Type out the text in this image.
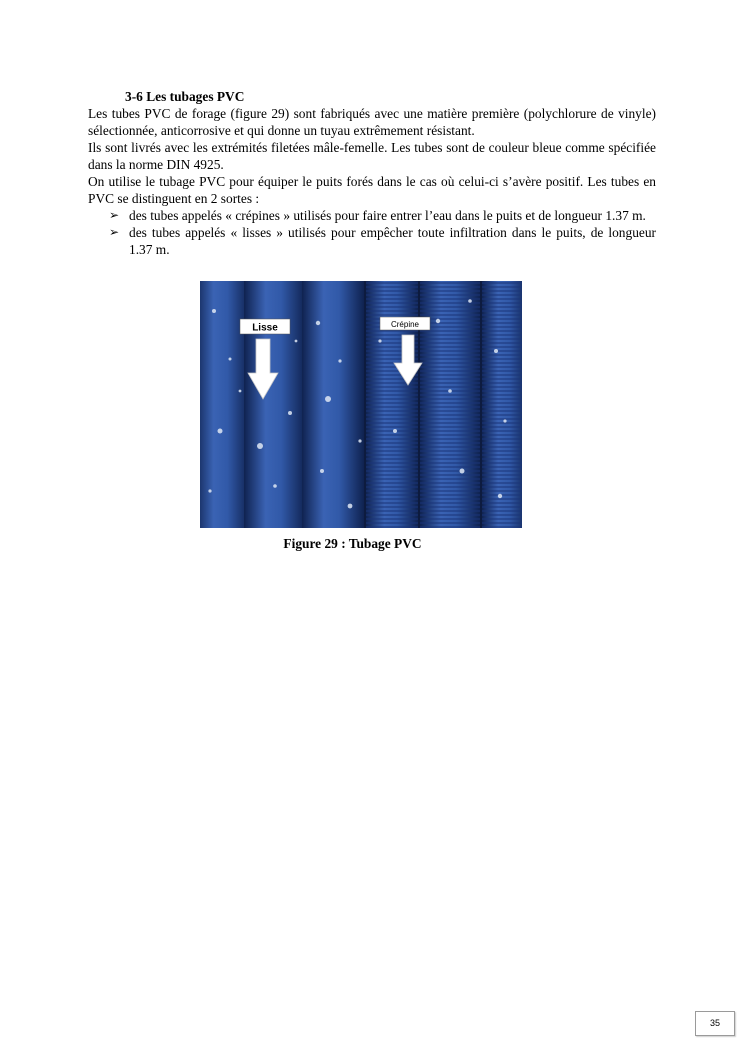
3-6 Les tubages PVC

Les tubes PVC de forage (figure 29) sont fabriqués avec une matière première (polychlorure de vinyle) sélectionnée, anticorrosive et qui donne un tuyau extrêmement résistant.

Ils sont livrés avec les extrémités filetées mâle-femelle. Les tubes sont de couleur bleue comme spécifiée dans la norme DIN 4925.

On utilise le tubage PVC pour équiper le puits forés dans le cas où celui-ci s’avère positif. Les tubes en PVC se distinguent en 2 sortes :

➢ des tubes appelés « crépines » utilisés pour faire entrer l’eau dans le puits et de longueur 1.37 m.
➢ des tubes appelés « lisses » utilisés pour empêcher toute infiltration dans le puits, de longueur 1.37 m.
Lisse	Crépine
Figure 29 : Tubage PVC
35
